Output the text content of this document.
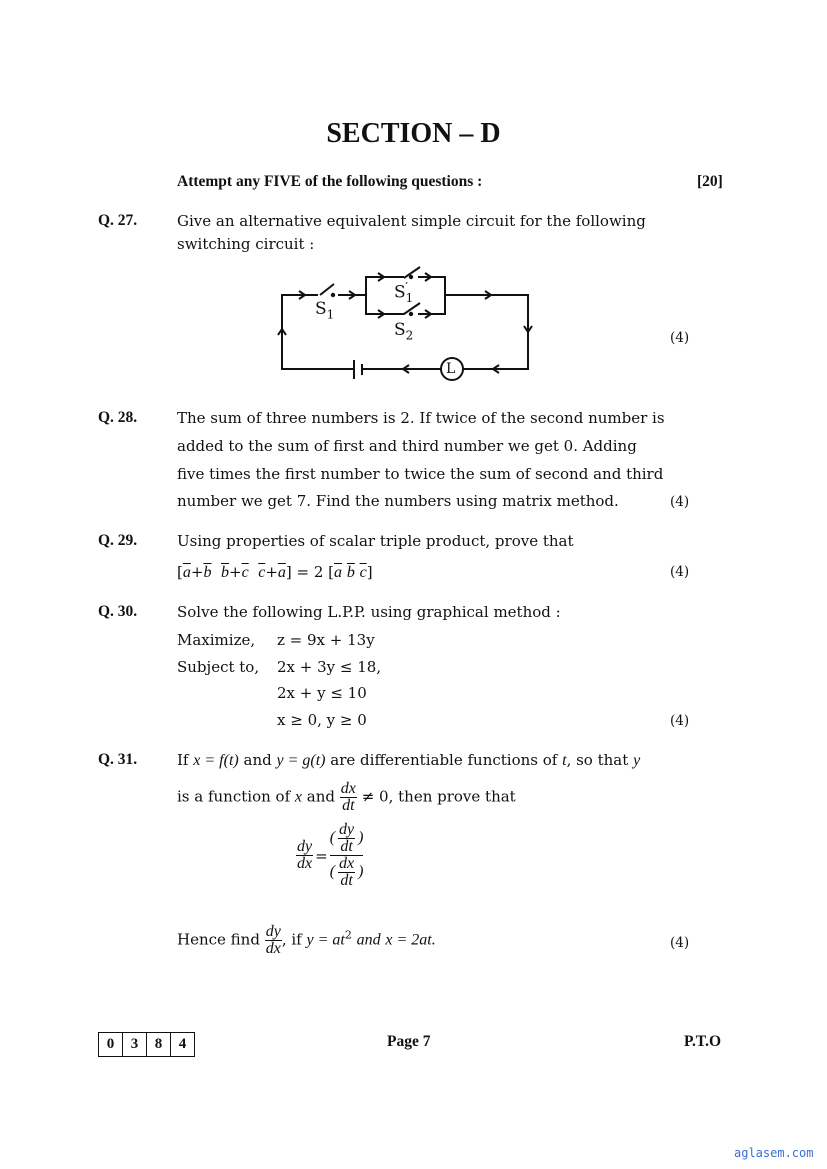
SECTION – D
Attempt any FIVE of the following questions :	[20]
Q. 27.	Give an alternative equivalent simple circuit for the following
switching circuit :
(4)
$S_1$
$S_1'$
$S_2$
L
Q. 28.	The sum of three numbers is 2. If twice of the second number is
added to the sum of first and third number we get 0. Adding
five times the first number to twice the sum of second and third
number we get 7. Find the numbers using matrix method.	(4)
Q. 29.	Using properties of scalar triple product, prove that
[$\overline{a}+\overline{b}$ $\overline{b}+\overline{c}$ $\overline{c}+\overline{a}] = 2$ [$\overline{a}$ $\overline{b}$ $\overline{c}$]	(4)
Q. 30.	Solve the following L.P.P. using graphical method :
Maximize, z = 9x + 13y
Subject to, 2x + 3y ≤ 18,
2x + y ≤ 10
x ≥ 0, y ≥ 0	(4)
Q. 31.	If x = f(t) and y = g(t) are differentiable functions of t, so that y
is a function of x and $\frac{dx}{dt} \ne 0$, then prove that
$\frac{dy}{dx} = \frac{( \frac{dy}{dt} )}{( \frac{dx}{dt} )}$
Hence find $\frac{dy}{dx}$ , if $y = at^2$ and x = 2at.	(4)
0	3	8	4	Page 7	P.T.O
aglasem.com
